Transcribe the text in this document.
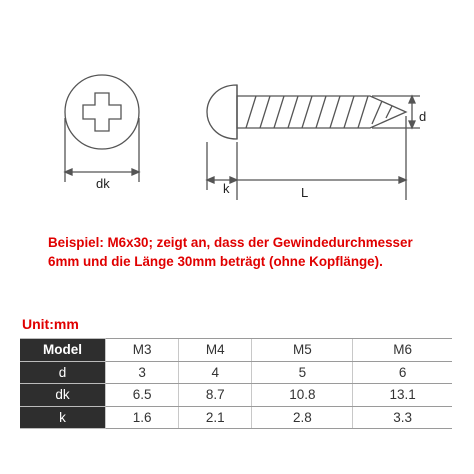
dk	k	L
d
Beispiel: M6x30; zeigt an, dass der Gewindedurchmesser
6mm und die Länge 30mm beträgt (ohne Kopflänge).
Unit:mm
Model	M3	M4	M5	M6
d	3	4	5	6
dk	6.5	8.7	10.8	13.1
k	1.6	2.1	2.8	3.3
